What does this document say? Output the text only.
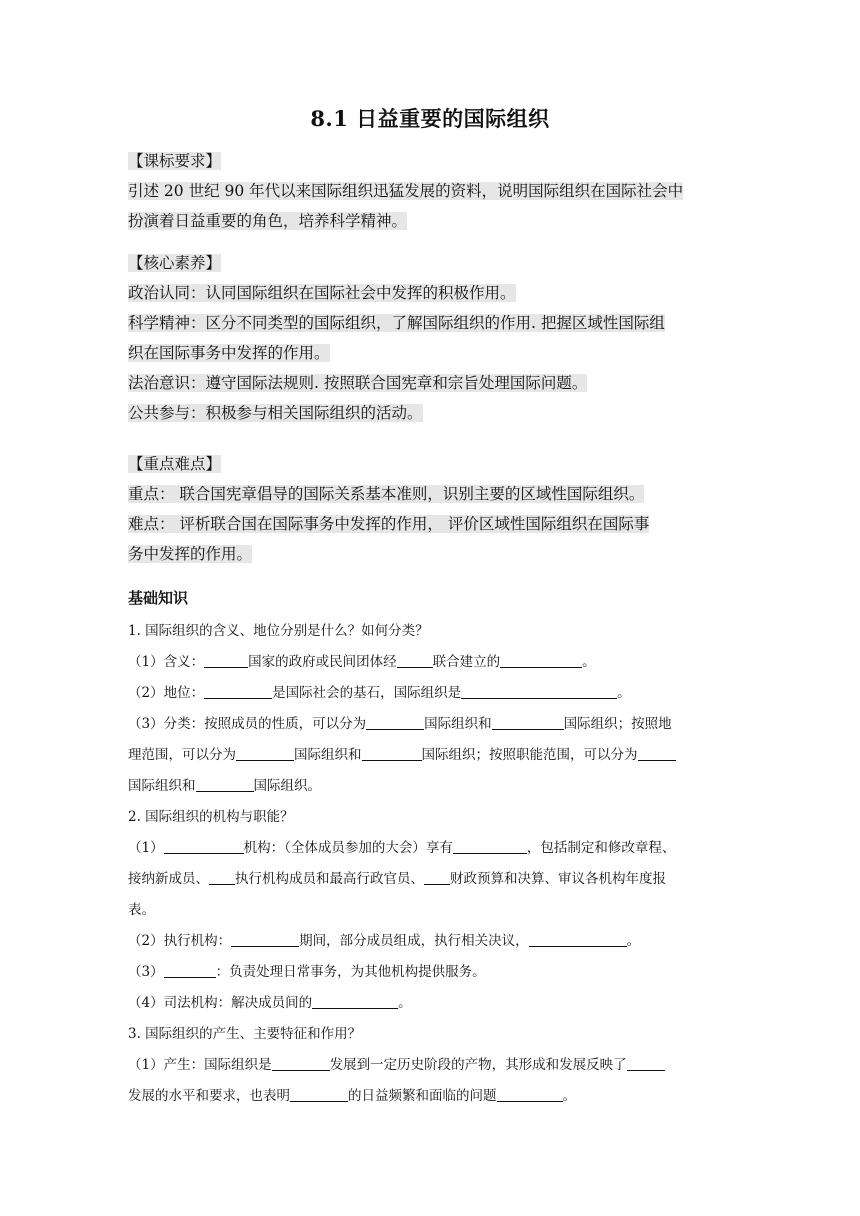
8.1 日益重要的国际组织
【课标要求】
引述 20 世纪 90 年代以来国际组织迅猛发展的资料，说明国际组织在国际社会中
扮演着日益重要的角色，培养科学精神。
【核心素养】
政治认同：认同国际组织在国际社会中发挥的积极作用。
科学精神：区分不同类型的国际组织，了解国际组织的作用. 把握区域性国际组
织在国际事务中发挥的作用。
法治意识：遵守国际法规则. 按照联合国宪章和宗旨处理国际问题。
公共参与：积极参与相关国际组织的活动。
【重点难点】
重点： 联合国宪章倡导的国际关系基本准则，识别主要的区域性国际组织。
难点： 评析联合国在国际事务中发挥的作用， 评价区域性国际组织在国际事
务中发挥的作用。
基础知识
1. 国际组织的含义、地位分别是什么？如何分类？
（1）含义：	国家的政府或民间团体经	联合建立的	。
（2）地位：	是国际社会的基石，国际组织是	。
（3）分类：按照成员的性质，可以分为	国际组织和	国际组织；按照地
理范围，可以分为	国际组织和	国际组织；按照职能范围，可以分为
国际组织和	国际组织。
2. 国际组织的机构与职能？
（1）	机构：（全体成员参加的大会）享有	，包括制定和修改章程、
接纳新成员、 执行机构成员和最高行政官员、 财政预算和决算、审议各机构年度报
表。
（2）执行机构：	期间，部分成员组成，执行相关决议，	。
（3）	：负责处理日常事务，为其他机构提供服务。
（4）司法机构：解决成员间的	。
3. 国际组织的产生、主要特征和作用？
（1）产生：国际组织是	发展到一定历史阶段的产物，其形成和发展反映了
发展的水平和要求，也表明	的日益频繁和面临的问题	。
